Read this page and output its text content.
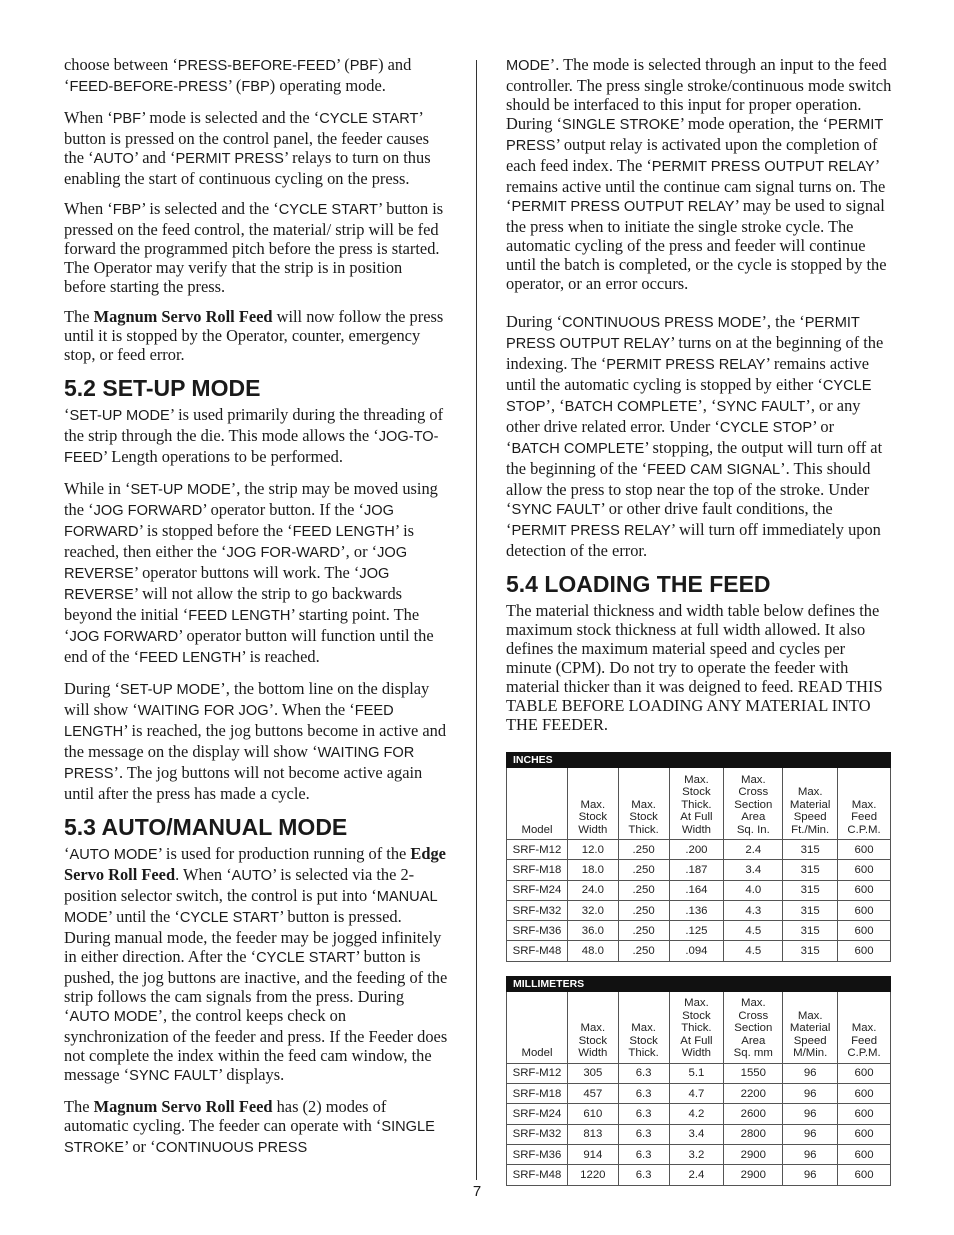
choose between ‘PRESS-BEFORE-FEED’ (PBF) and ‘FEED-BEFORE-PRESS’ (FBP) operating mode.

When ‘PBF’ mode is selected and the ‘CYCLE START’ button is pressed on the control panel, the feeder causes the ‘AUTO’ and ‘PERMIT PRESS’ relays to turn on thus enabling the start of continuous cycling on the press.

When ‘FBP’ is selected and the ‘CYCLE START’ button is pressed on the feed control, the material/ strip will be fed forward the programmed pitch before the press is started. The Operator may verify that the strip is in position before starting the press.

The Magnum Servo Roll Feed will now follow the press until it is stopped by the Operator, counter, emergency stop, or feed error.

5.2 SET-UP MODE

‘SET-UP MODE’ is used primarily during the threading of the strip through the die. This mode allows the ‘JOG-TO-FEED’ Length operations to be performed.

While in ‘SET-UP MODE’, the strip may be moved using the ‘JOG FORWARD’ operator button. If the ‘JOG FORWARD’ is stopped before the ‘FEED LENGTH’ is reached, then either the ‘JOG FOR-WARD’, or ‘JOG REVERSE’ operator buttons will work. The ‘JOG REVERSE’ will not allow the strip to go backwards beyond the initial ‘FEED LENGTH’ starting point. The ‘JOG FORWARD’ operator button will function until the end of the ‘FEED LENGTH’ is reached.

During ‘SET-UP MODE’, the bottom line on the display will show ‘WAITING FOR JOG’. When the ‘FEED LENGTH’ is reached, the jog buttons become in active and the message on the display will show ‘WAITING FOR PRESS’. The jog buttons will not become active again until after the press has made a cycle.

5.3 AUTO/MANUAL MODE

‘AUTO MODE’ is used for production running of the Edge Servo Roll Feed. When ‘AUTO’ is selected via the 2-position selector switch, the control is put into ‘MANUAL MODE’ until the ‘CYCLE START’ button is pressed. During manual mode, the feeder may be jogged infinitely in either direction. After the ‘CYCLE START’ button is pushed, the jog buttons are inactive, and the feeding of the strip follows the cam signals from the press. During ‘AUTO MODE’, the control keeps check on synchronization of the feeder and press. If the Feeder does not complete the index within the feed cam window, the message ‘SYNC FAULT’ displays.

The Magnum Servo Roll Feed has (2) modes of automatic cycling. The feeder can operate with ‘SINGLE STROKE’ or ‘CONTINUOUS PRESS

MODE’. The mode is selected through an input to the feed controller. The press single stroke/continuous mode switch should be interfaced to this input for proper operation. During ‘SINGLE STROKE’ mode operation, the ‘PERMIT PRESS’ output relay is activated upon the completion of each feed index. The ‘PERMIT PRESS OUTPUT RELAY’ remains active until the continue cam signal turns on. The ‘PERMIT PRESS OUTPUT RELAY’ may be used to signal the press when to initiate the single stroke cycle. The automatic cycling of the press and feeder will continue until the batch is completed, or the cycle is stopped by the operator, or an error occurs.

During ‘CONTINUOUS PRESS MODE’, the ‘PERMIT PRESS OUTPUT RELAY’ turns on at the beginning of the indexing. The ‘PERMIT PRESS RELAY’ remains active until the automatic cycling is stopped by either ‘CYCLE STOP’, ‘BATCH COMPLETE’, ‘SYNC FAULT’, or any other drive related error. Under ‘CYCLE STOP’ or ‘BATCH COMPLETE’ stopping, the output will turn off at the beginning of the ‘FEED CAM SIGNAL’. This should allow the press to stop near the top of the stroke. Under ‘SYNC FAULT’ or other drive fault conditions, the ‘PERMIT PRESS RELAY’ will turn off immediately upon detection of the error.

5.4 LOADING THE FEED

The material thickness and width table below defines the maximum stock thickness at full width allowed. It also defines the maximum material speed and cycles per minute (CPM). Do not try to operate the feeder with material thicker than it was deigned to feed. READ THIS TABLE BEFORE LOADING ANY MATERIAL INTO THE FEEDER.

INCHES						
Model	Max.
Stock
Width	Max.
Stock
Thick.	Max.
Stock
Thick.
At Full
Width	Max.
Cross
Section
Area
Sq. In.	Max.
Material
Speed
Ft./Min.	Max.
Feed
C.P.M.
SRF-M12	12.0	.250	.200	2.4	315	600
SRF-M18	18.0	.250	.187	3.4	315	600
SRF-M24	24.0	.250	.164	4.0	315	600
SRF-M32	32.0	.250	.136	4.3	315	600
SRF-M36	36.0	.250	.125	4.5	315	600
SRF-M48	48.0	.250	.094	4.5	315	600
MILLIMETERS						
Model	Max.
Stock
Width	Max.
Stock
Thick.	Max.
Stock
Thick.
At Full
Width	Max.
Cross
Section
Area
Sq. mm	Max.
Material
Speed
M/Min.	Max.
Feed
C.P.M.
SRF-M12	305	6.3	5.1	1550	96	600
SRF-M18	457	6.3	4.7	2200	96	600
SRF-M24	610	6.3	4.2	2600	96	600
SRF-M32	813	6.3	3.4	2800	96	600
SRF-M36	914	6.3	3.2	2900	96	600
SRF-M48	1220	6.3	2.4	2900	96	600
7
